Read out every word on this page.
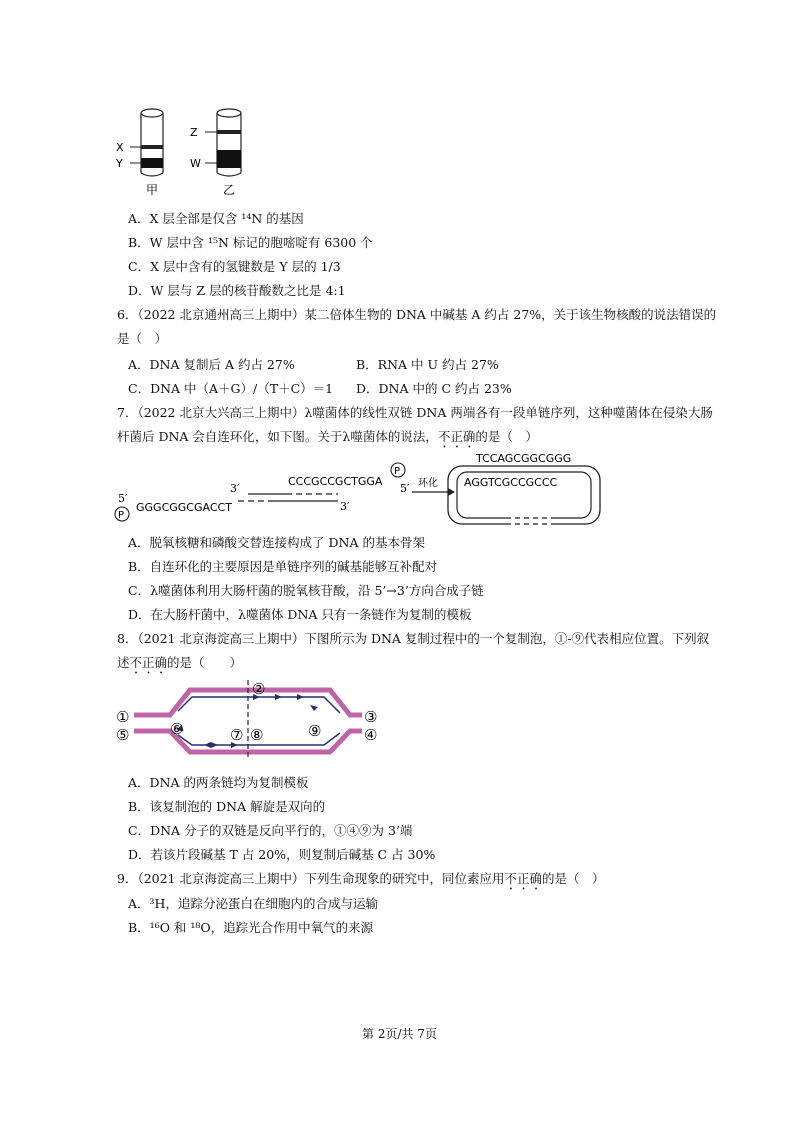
X
Y
Z
W
甲	乙
A．X 层全部是仅含 ¹⁴N 的基因
B．W 层中含 ¹⁵N 标记的胞嘧啶有 6300 个
C．X 层中含有的氢键数是 Y 层的 1/3
D．W 层与 Z 层的核苷酸数之比是 4:1
6．（2022 北京通州高三上期中）某二倍体生物的 DNA 中碱基 A 约占 27%，关于该生物核酸的说法错误的
是（　）
A．DNA 复制后 A 约占 27%	B．RNA 中 U 约占 27%
C．DNA 中（A＋G）/（T＋C）＝1 D．DNA 中的 C 约占 23%
7．（2022 北京大兴高三上期中）λ噬菌体的线性双链 DNA 两端各有一段单链序列，这种噬菌体在侵染大肠
杆菌后 DNA 会自连环化，如下图。关于λ噬菌体的说法，不正确的是（　）
3′
3′
CCCGCCGCTGGA
GGGCGGCGACCT
P
5′
P
5′
环化
TCCAGCGGCGGG
AGGTCGCCGCCC
A．脱氧核糖和磷酸交替连接构成了 DNA 的基本骨架
B．自连环化的主要原因是单链序列的碱基能够互补配对
C．λ噬菌体利用大肠杆菌的脱氧核苷酸，沿 5’→3’方向合成子链
D．在大肠杆菌中，λ噬菌体 DNA 只有一条链作为复制的模板
8．（2021 北京海淀高三上期中）下图所示为 DNA 复制过程中的一个复制泡，①-⑨代表相应位置。下列叙
述不正确的是（　　）
①
②
③
④
⑤	⑥	⑦ ⑧	⑨
A．DNA 的两条链均为复制模板
B．该复制泡的 DNA 解旋是双向的
C．DNA 分子的双链是反向平行的，①④⑨为 3’端
D．若该片段碱基 T 占 20%，则复制后碱基 C 占 30%
9．（2021 北京海淀高三上期中）下列生命现象的研究中，同位素应用不正确的是（　）
A．³H，追踪分泌蛋白在细胞内的合成与运输
B．¹⁶O 和 ¹⁸O，追踪光合作用中氧气的来源
第 2页/共 7页
